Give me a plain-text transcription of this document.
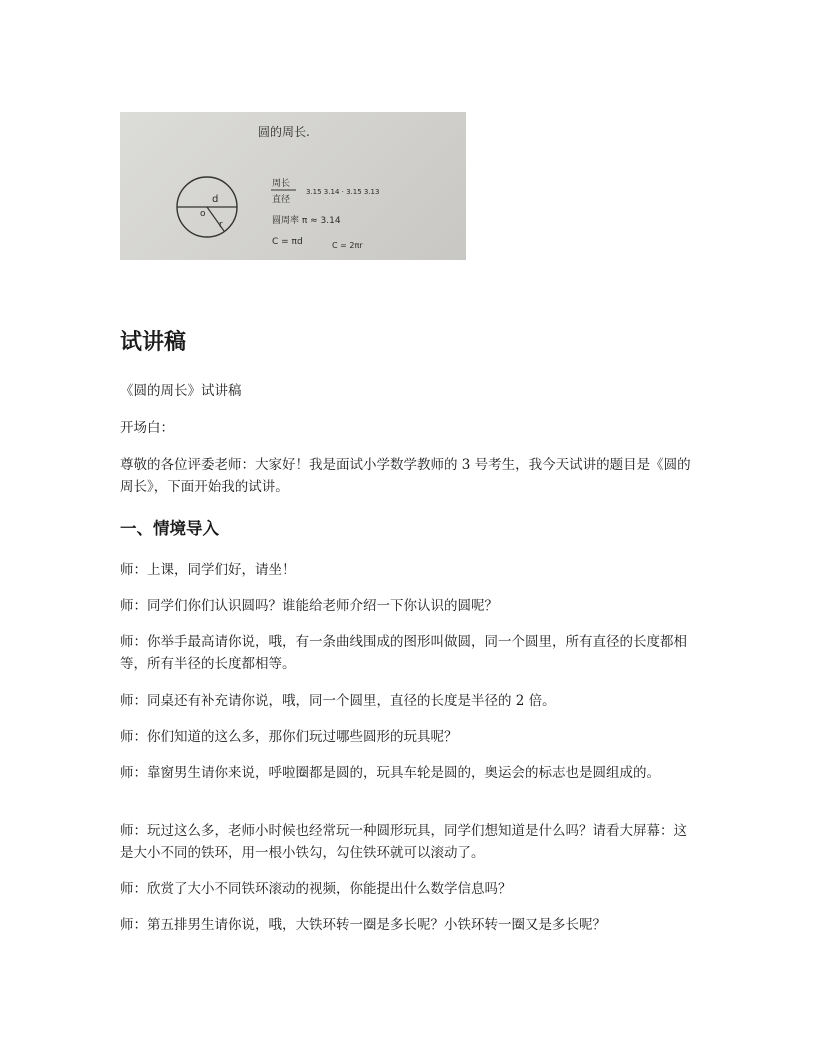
圆的周长.
d
o
r
周长
直径
3.15 3.14 · 3.15 3.13
圆周率 π ≈ 3.14
C = πd	C = 2πr
试讲稿

《圆的周长》试讲稿

开场白：

尊敬的各位评委老师：大家好！我是面试小学数学教师的 3 号考生，我今天试讲的题目是《圆的周长》，下面开始我的试讲。

一、情境导入

师：上课，同学们好，请坐！

师：同学们你们认识圆吗？谁能给老师介绍一下你认识的圆呢？

师：你举手最高请你说，哦，有一条曲线围成的图形叫做圆，同一个圆里，所有直径的长度都相等，所有半径的长度都相等。

师：同桌还有补充请你说，哦，同一个圆里，直径的长度是半径的 2 倍。

师：你们知道的这么多，那你们玩过哪些圆形的玩具呢？

师：靠窗男生请你来说，呼啦圈都是圆的，玩具车轮是圆的，奥运会的标志也是圆组成的。

师：玩过这么多，老师小时候也经常玩一种圆形玩具，同学们想知道是什么吗？请看大屏幕：这是大小不同的铁环，用一根小铁勾，勾住铁环就可以滚动了。

师：欣赏了大小不同铁环滚动的视频，你能提出什么数学信息吗？

师：第五排男生请你说，哦，大铁环转一圈是多长呢？小铁环转一圈又是多长呢？
